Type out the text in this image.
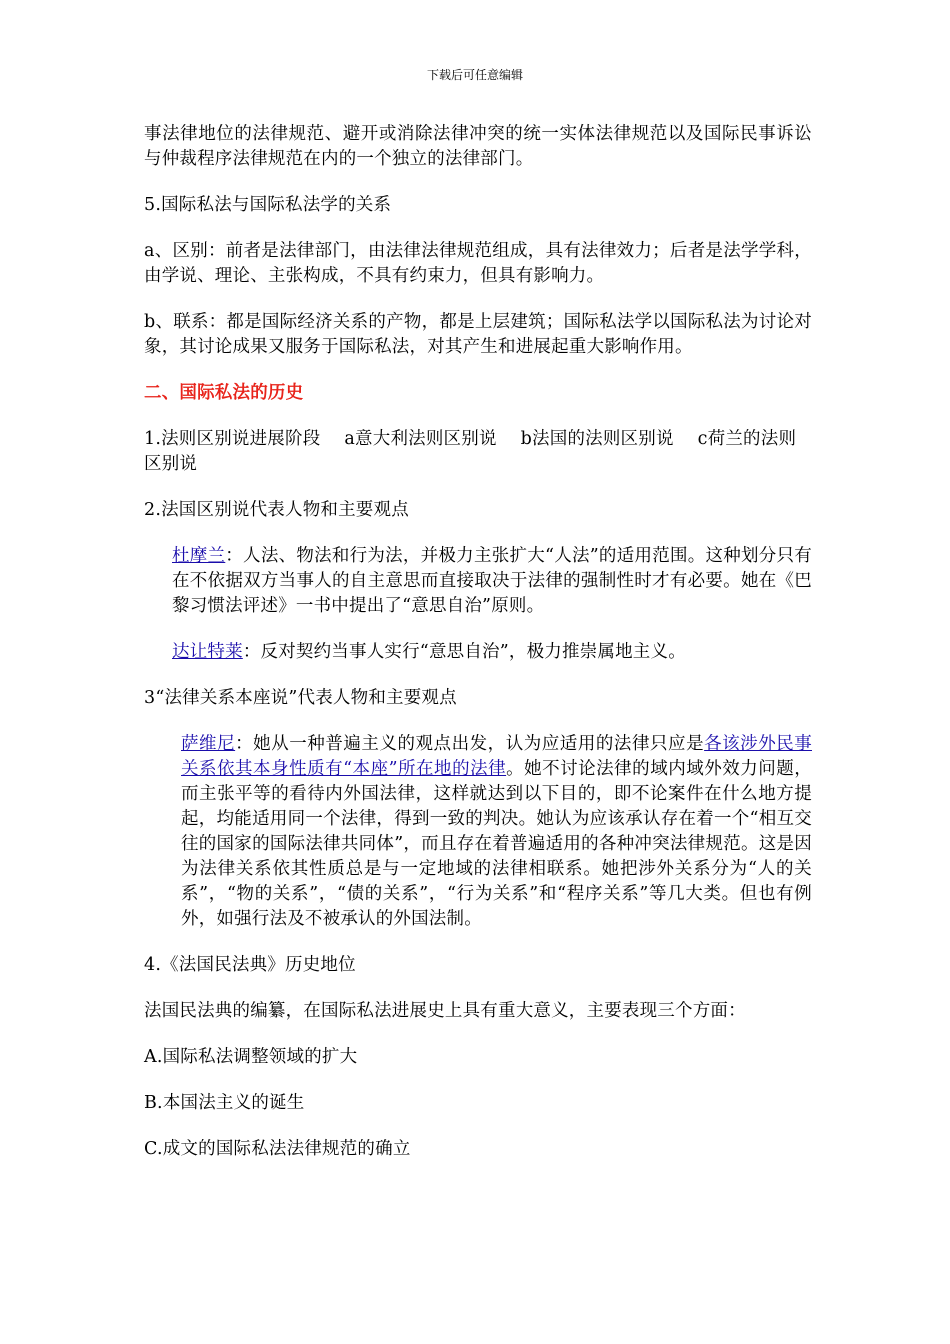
下载后可任意编辑

事法律地位的法律规范、避开或消除法律冲突的统一实体法律规范以及国际民事诉讼与仲裁程序法律规范在内的一个独立的法律部门。

5.国际私法与国际私法学的关系

a、区别：前者是法律部门，由法律法律规范组成，具有法律效力；后者是法学学科，由学说、理论、主张构成，不具有约束力，但具有影响力。

b、联系：都是国际经济关系的产物，都是上层建筑；国际私法学以国际私法为讨论对象，其讨论成果又服务于国际私法，对其产生和进展起重大影响作用。

二、国际私法的历史

1.法则区别说进展阶段 a意大利法则区别说 b法国的法则区别说 c荷兰的法则区别说

2.法国区别说代表人物和主要观点

杜摩兰：人法、物法和行为法，并极力主张扩大“人法”的适用范围。这种划分只有在不依据双方当事人的自主意思而直接取决于法律的强制性时才有必要。她在《巴黎习惯法评述》一书中提出了“意思自治”原则。

达让特莱：反对契约当事人实行“意思自治”，极力推崇属地主义。

3“法律关系本座说”代表人物和主要观点

萨维尼：她从一种普遍主义的观点出发，认为应适用的法律只应是各该涉外民事关系依其本身性质有“本座”所在地的法律。她不讨论法律的域内域外效力问题，而主张平等的看待内外国法律，这样就达到以下目的，即不论案件在什么地方提起，均能适用同一个法律，得到一致的判决。她认为应该承认存在着一个“相互交往的国家的国际法律共同体”，而且存在着普遍适用的各种冲突法律规范。这是因为法律关系依其性质总是与一定地域的法律相联系。她把涉外关系分为“人的关系”，“物的关系”，“债的关系”，“行为关系”和“程序关系”等几大类。但也有例外，如强行法及不被承认的外国法制。

4.《法国民法典》历史地位

法国民法典的编纂，在国际私法进展史上具有重大意义，主要表现三个方面：

A.国际私法调整领域的扩大

B.本国法主义的诞生

C.成文的国际私法法律规范的确立
